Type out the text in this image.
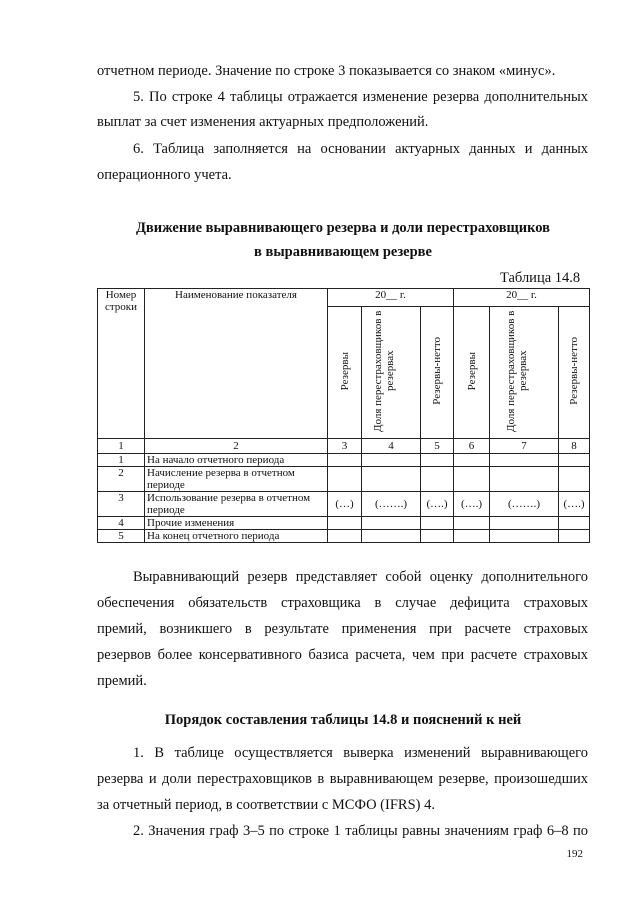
отчетном периоде. Значение по строке 3 показывается со знаком «минус».
5. По строке 4 таблицы отражается изменение резерва дополнительных
выплат за счет изменения актуарных предположений.
6. Таблица заполняется на основании актуарных данных и данных
операционного учета.
Движение выравнивающего резерва и доли перестраховщиков
в выравнивающем резерве
Таблица 14.8
Номер строки	Наименование показателя	20__ г.			20__ г.		
		Резервы	Доля перестраховщиков в резервах	Резервы-нетто	Резервы	Доля перестраховщиков в резервах	Резервы-нетто
1	2	3	4	5	6	7	8
1	На начало отчетного периода						
2	Начисление резерва в отчетном периоде						
3	Использование резерва в отчетном периоде	(…)	(…….)	(….)	(….)	(…….)	(….)
4	Прочие изменения						
5	На конец отчетного периода						
Выравнивающий резерв представляет собой оценку дополнительного
обеспечения обязательств страховщика в случае дефицита страховых
премий, возникшего в результате применения при расчете страховых
резервов более консервативного базиса расчета, чем при расчете страховых
премий.
Порядок составления таблицы 14.8 и пояснений к ней
1. В таблице осуществляется выверка изменений выравнивающего
резерва и доли перестраховщиков в выравнивающем резерве, произошедших
за отчетный период, в соответствии с МСФО (IFRS) 4.
2. Значения граф 3–5 по строке 1 таблицы равны значениям граф 6–8 по
192
